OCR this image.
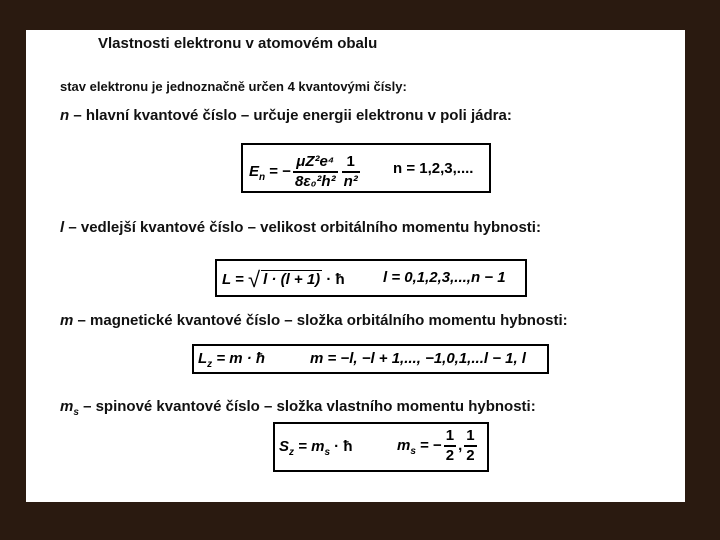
Vlastnosti elektronu v atomovém obalu
stav elektronu je jednoznačně určen 4 kvantovými čísly:
n – hlavní kvantové číslo – určuje energii elektronu v poli jádra:
$E_n$ = − $\frac{\text{μZ²e⁴}}{\text{8ε₀²h²}} \frac{1}{\text{n²}}$ n = 1,2,3,....
l – vedlejší kvantové číslo – velikost orbitálního momentu hybnosti:
L = √ l · (l + 1) · ħ	l = 0,1,2,3,...,n − 1
m – magnetické kvantové číslo – složka orbitálního momentu hybnosti:
$L_z = m$ · ħ	m = −l, −l + 1,..., −1,0,1,...l − 1, l
$m_s$ – spinové kvantové číslo – složka vlastního momentu hybnosti:
$S_z = m_s$ · ħ	$m_s$ = − $\frac{1}{2}$ , $\frac{1}{2}$
